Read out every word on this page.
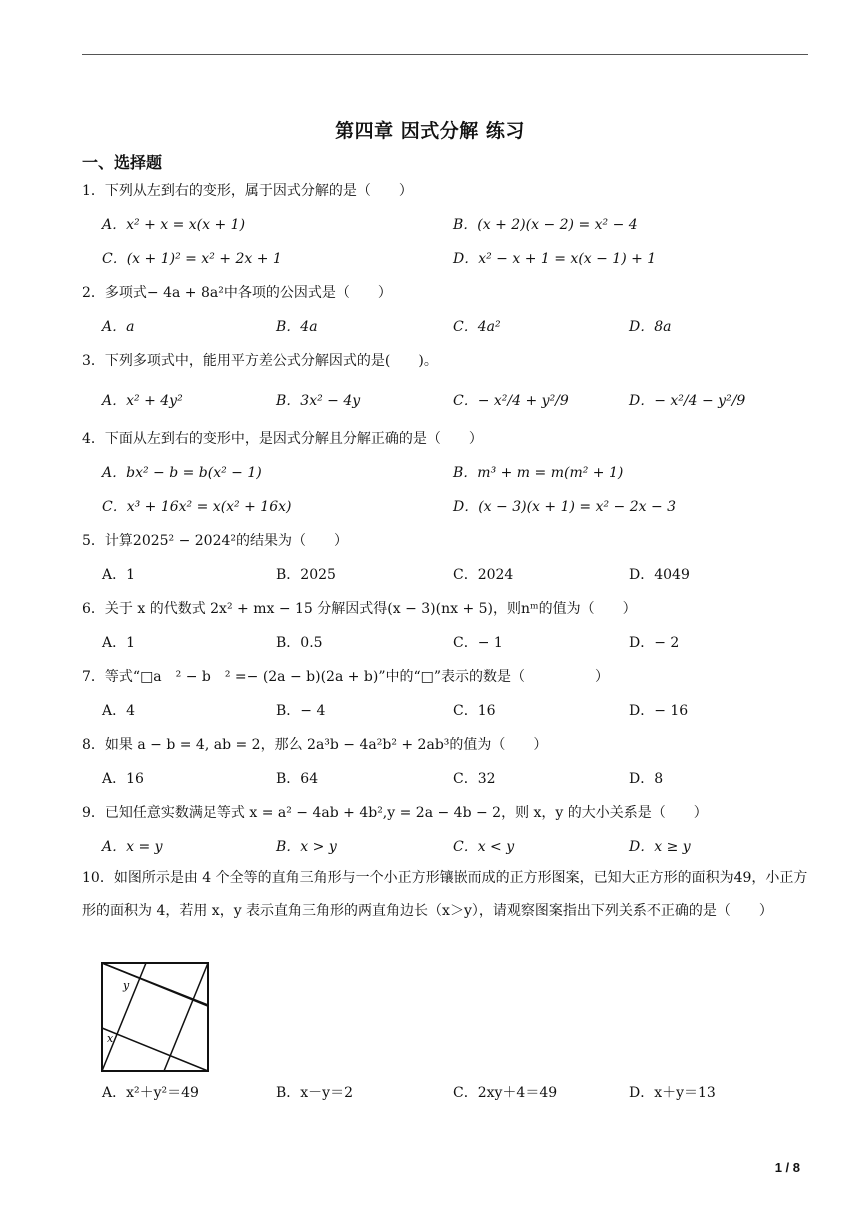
第四章 因式分解 练习
一、选择题
1．下列从左到右的变形，属于因式分解的是（　　）
A．x² + x = x(x + 1)	B．(x + 2)(x − 2) = x² − 4
C．(x + 1)² = x² + 2x + 1	D．x² − x + 1 = x(x − 1) + 1
2．多项式− 4a + 8a²中各项的公因式是（　　）
A．a	B．4a	C．4a²	D．8a
3．下列多项式中，能用平方差公式分解因式的是(　　)。
A．x² + 4y²	B．3x² − 4y	C．− x²/4 + y²/9	D．− x²/4 − y²/9
4．下面从左到右的变形中，是因式分解且分解正确的是（　　）
A．bx² − b = b(x² − 1)	B．m³ + m = m(m² + 1)
C．x³ + 16x² = x(x² + 16x)	D．(x − 3)(x + 1) = x² − 2x − 3
5．计算2025² − 2024²的结果为（　　）
A．1	B．2025	C．2024	D．4049
6．关于 x 的代数式 2x² + mx − 15 分解因式得(x − 3)(nx + 5)，则nᵐ的值为（　　）
A．1	B．0.5	C．− 1	D．− 2
7．等式“□a　² − b　² =− (2a − b)(2a + b)”中的“□”表示的数是（　　　　　）
A．4	B．− 4	C．16	D．− 16
8．如果 a − b = 4, ab = 2，那么 2a³b − 4a²b² + 2ab³的值为（　　）
A．16	B．64	C．32	D．8
9．已知任意实数满足等式 x = a² − 4ab + 4b²,y = 2a − 4b − 2，则 x，y 的大小关系是（　　）
A．x = y	B．x > y	C．x < y	D．x ≥ y
10．如图所示是由 4 个全等的直角三角形与一个小正方形镶嵌而成的正方形图案，已知大正方形的面积为49，小正方形的面积为 4，若用 x，y 表示直角三角形的两直角边长（x＞y），请观察图案指出下列关系不正确的是（　　）
y
x
A．x²＋y²＝49	B．x－y＝2	C．2xy＋4＝49	D．x＋y＝13
1 / 8
